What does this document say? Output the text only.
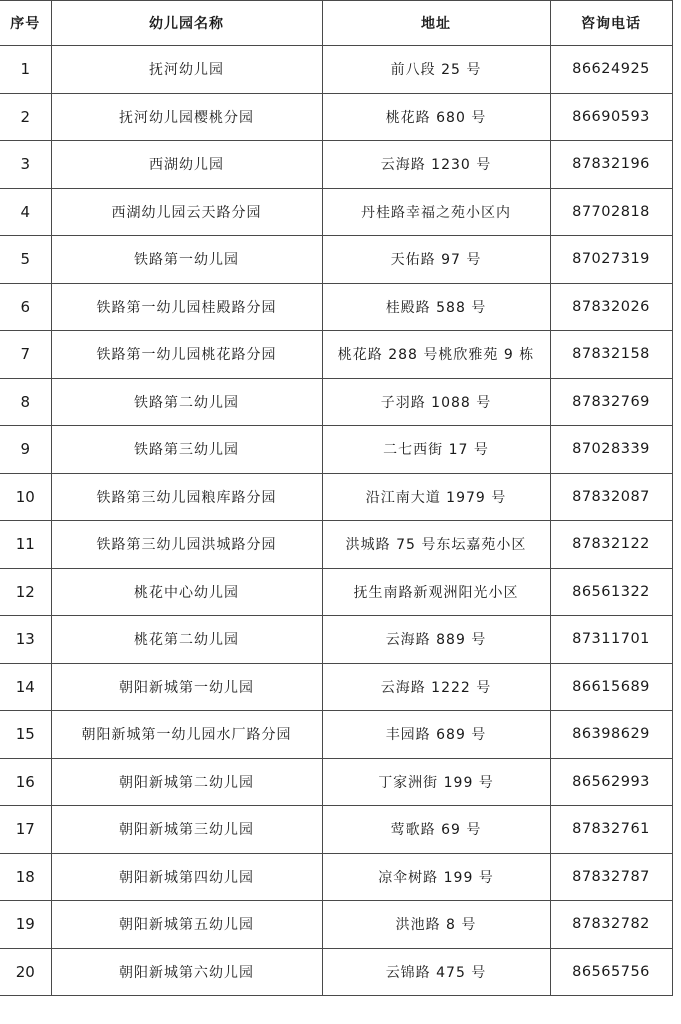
序号	幼儿园名称	地址	咨询电话
1	抚河幼儿园	前八段 25 号	86624925
2	抚河幼儿园樱桃分园	桃花路 680 号	86690593
3	西湖幼儿园	云海路 1230 号	87832196
4	西湖幼儿园云天路分园	丹桂路幸福之苑小区内	87702818
5	铁路第一幼儿园	天佑路 97 号	87027319
6	铁路第一幼儿园桂殿路分园	桂殿路 588 号	87832026
7	铁路第一幼儿园桃花路分园	桃花路 288 号桃欣雅苑 9 栋	87832158
8	铁路第二幼儿园	子羽路 1088 号	87832769
9	铁路第三幼儿园	二七西街 17 号	87028339
10	铁路第三幼儿园粮库路分园	沿江南大道 1979 号	87832087
11	铁路第三幼儿园洪城路分园	洪城路 75 号东坛嘉苑小区	87832122
12	桃花中心幼儿园	抚生南路新观洲阳光小区	86561322
13	桃花第二幼儿园	云海路 889 号	87311701
14	朝阳新城第一幼儿园	云海路 1222 号	86615689
15	朝阳新城第一幼儿园水厂路分园	丰园路 689 号	86398629
16	朝阳新城第二幼儿园	丁家洲街 199 号	86562993
17	朝阳新城第三幼儿园	莺歌路 69 号	87832761
18	朝阳新城第四幼儿园	凉伞树路 199 号	87832787
19	朝阳新城第五幼儿园	洪池路 8 号	87832782
20	朝阳新城第六幼儿园	云锦路 475 号	86565756
